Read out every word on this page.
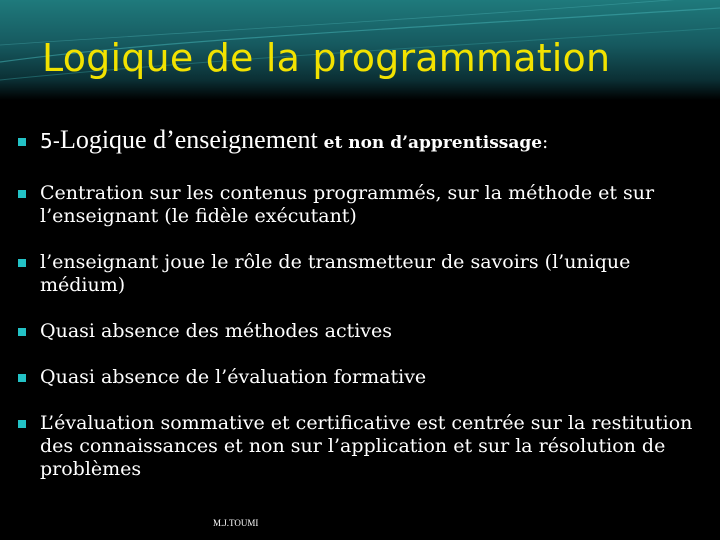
Logique de la programmation
5-Logique d’enseignement et non d’apprentissage:
Centration sur les contenus programmés, sur la méthode et sur l’enseignant (le fidèle exécutant)
l’enseignant joue le rôle de transmetteur de savoirs (l’unique médium)
Quasi absence des méthodes actives
Quasi absence de l’évaluation formative
L’évaluation sommative et certificative est centrée sur la restitution des connaissances et non sur l’application et sur la résolution de problèmes
M.J.TOUMI
